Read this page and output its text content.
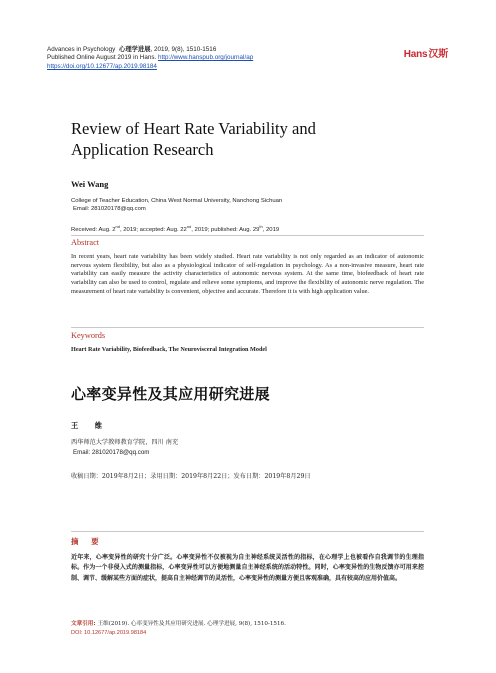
Advances in Psychology 心理学进展, 2019, 9(8), 1510-1516
Published Online August 2019 in Hans. http://www.hanspub.org/journal/ap
https://doi.org/10.12677/ap.2019.98184
Hans汉斯
Review of Heart Rate Variability and
Application Research
Wei Wang
College of Teacher Education, China West Normal University, Nanchong Sichuan
Email: 281020178@qq.com
Received: Aug. 2nd, 2019; accepted: Aug. 22nd, 2019; published: Aug. 29th, 2019
Abstract
In recent years, heart rate variability has been widely studied. Heart rate variability is not only regarded as an indicator of autonomic nervous system flexibility, but also as a physiological indicator of self-regulation in psychology. As a non-invasive measure, heart rate variability can easily measure the activity characteristics of autonomic nervous system. At the same time, biofeedback of heart rate variability can also be used to control, regulate and relieve some symptoms, and improve the flexibility of autonomic nerve regulation. The measurement of heart rate variability is convenient, objective and accurate. Therefore it is with high application value.
Keywords
Heart Rate Variability, Biofeedback, The Neurovisceral Integration Model
心率变异性及其应用研究进展
王 维
西华师范大学教师教育学院，四川 南充
Email: 281020178@qq.com
收稿日期：2019年8月2日；录用日期：2019年8月22日；发布日期：2019年8月29日
摘 要
近年来，心率变异性的研究十分广泛。心率变异性不仅被视为自主神经系统灵活性的指标，在心理学上也被看作自我调节的生理指标。作为一个非侵入式的测量指标，心率变异性可以方便地测量自主神经系统的活动特性。同时，心率变异性的生物反馈亦可用来控制、调节、缓解某些方面的症状，提高自主神经调节的灵活性，心率变异性的测量方便且客观准确，具有较高的应用价值高。
文章引用: 王维(2019). 心率变异性及其应用研究进展. 心理学进展, 9(8), 1510-1516.
DOI: 10.12677/ap.2019.98184
